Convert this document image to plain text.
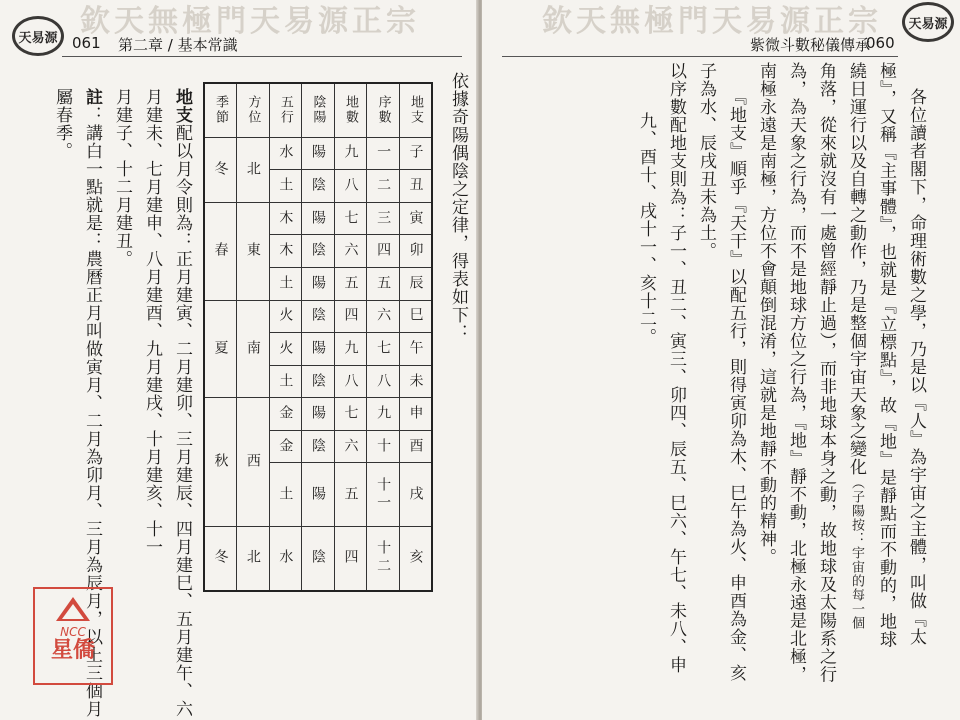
欽天無極門天易源正宗
天易源 061 第二章 / 基本常識
依據奇陽偶陰之定律，得表如下：
季節	方位	五行	陰陽	地數	序數	地支
冬	北	水	陽	九	一	子
		土	陰	八	二	丑
春	東	木	陽	七	三	寅
		木	陰	六	四	卯
		土	陽	五	五	辰
夏	南	火	陰	四	六	巳
		火	陽	九	七	午
		土	陰	八	八	未
秋	西	金	陽	七	九	申
		金	陰	六	十	酉
		土	陽	五	十一	戌
冬	北	水	陰	四	十二	亥
地支配以月令則為：正月建寅、二月建卯、三月建辰、四月建巳、五月建午、六
月建未、七月建申、八月建酉、九月建戌、十月建亥、十一
月建子、十二月建丑。
註：講白一點就是：農曆正月叫做寅月、二月為卯月、三月為辰月，以上三個月
屬春季。
NCC
星僑
欽天無極門天易源正宗
紫微斗數秘儀傳承
060
天易源
各位讀者閣下，命理術數之學，乃是以『人』為宇宙之主體，叫做『太
極』，又稱『主事體』，也就是『立標點』，故『地』是靜點而不動的，地球
繞日運行以及自轉之動作，乃是整個宇宙天象之變化（子陽按：宇宙的每一個
角落，從來就沒有一處曾經靜止過），而非地球本身之動，故地球及太陽系之行
為，為天象之行為，而不是地球方位之行為，『地』靜不動，北極永遠是北極，
南極永遠是南極，方位不會顛倒混淆，這就是地靜不動的精神。
『地支』順乎『天干』以配五行，則得寅卯為木、巳午為火、申酉為金、亥
子為水、辰戌丑未為土。
以序數配地支則為：子一、丑二、寅三、卯四、辰五、巳六、午七、未八、申
九、酉十、戌十一、亥十二。
